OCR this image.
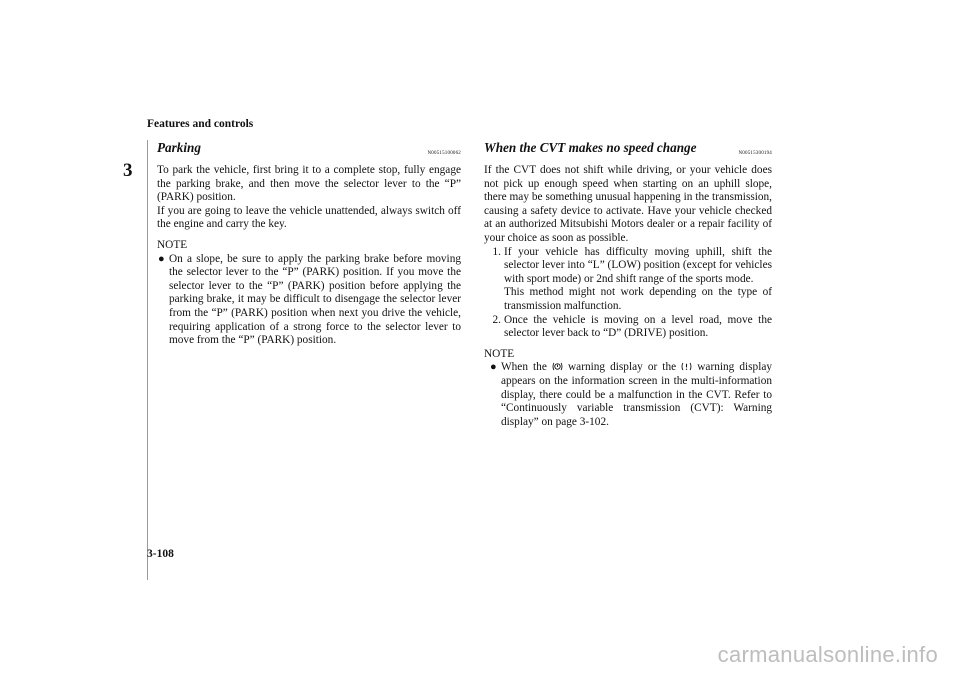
Features and controls
3
Parking	N00515100062

To park the vehicle, first bring it to a complete stop, fully engage the parking brake, and then move the selector lever to the “P” (PARK) position.

If you are going to leave the vehicle unattended, always switch off the engine and carry the key.

NOTE
● On a slope, be sure to apply the parking brake before moving the selector lever to the “P” (PARK) position. If you move the selector lever to the “P” (PARK) position before applying the parking brake, it may be difficult to disengage the selector lever from the “P” (PARK) position when next you drive the vehicle, requiring application of a strong force to the selector lever to move from the “P” (PARK) position.
When the CVT makes no speed change	N00515300194

If the CVT does not shift while driving, or your vehicle does not pick up enough speed when starting on an uphill slope, there may be something unusual happening in the transmission, causing a safety device to activate. Have your vehicle checked at an authorized Mitsubishi Motors dealer or a repair facility of your choice as soon as possible.

1. If your vehicle has difficulty moving uphill, shift the selector lever into “L” (LOW) position (except for vehicles with sport mode) or 2nd shift range of the sports mode.
This method might not work depending on the type of transmission malfunction.
2. Once the vehicle is moving on a level road, move the selector lever back to “D” (DRIVE) position.
NOTE
● When the warning display or the warning display appears on the information screen in the multi-information display, there could be a malfunction in the CVT. Refer to “Continuously variable transmission (CVT): Warning display” on page 3-102.
3-108
carmanualsonline.info
